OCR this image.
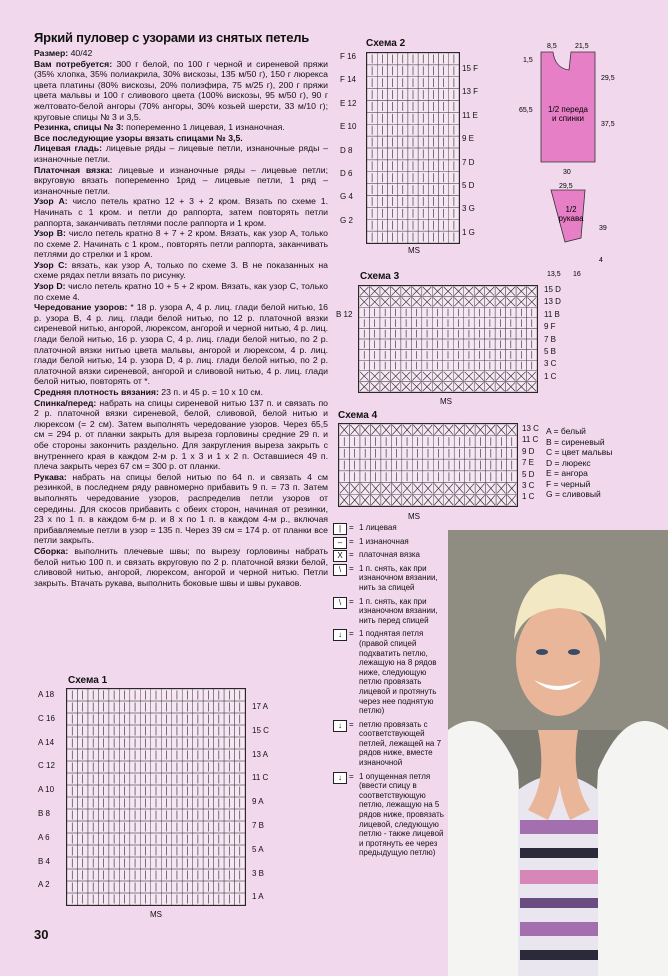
Яркий пуловер с узорами из снятых петель

Размер: 40/42

Вам потребуется: 300 г белой, по 100 г черной и сиреневой пряжи (35% хлопка, 35% полиакрила, 30% вискозы, 135 м/50 г), 150 г люрекса цвета платины (80% вискозы, 20% полиэфира, 75 м/25 г), 200 г пряжи цвета мальвы и 100 г сливового цвета (100% вискозы, 95 м/50 г), 90 г желтовато-белой ангоры (70% ангоры, 30% козьей шерсти, 33 м/10 г); круговые спицы № 3 и 3,5.

Резинка, спицы № 3: попеременно 1 лицевая, 1 изнаночная.

Все последующие узоры вязать спицами № 3,5.

Лицевая гладь: лицевые ряды – лицевые петли, изнаночные ряды – изнаночные петли.

Платочная вязка: лицевые и изнаночные ряды – лицевые петли; вкруговую вязать попеременно 1ряд – лицевые петли, 1 ряд – изнаночные петли.

Узор А: число петель кратно 12 + 3 + 2 кром. Вязать по схеме 1. Начинать с 1 кром. и петли до раппорта, затем повторять петли раппорта, заканчивать петлями после раппорта и 1 кром.

Узор В: число петель кратно 8 + 7 + 2 кром. Вязать, как узор А, только по схеме 2. Начинать с 1 кром., повторять петли раппорта, заканчивать петлями до стрелки и 1 кром.

Узор С: вязать, как узор А, только по схеме 3. В не показанных на схеме рядах петли вязать по рисунку.

Узор D: число петель кратно 10 + 5 + 2 кром. Вязать, как узор С, только по схеме 4.

Чередование узоров: * 18 р. узора А, 4 р. лиц. глади белой нитью, 16 р. узора В, 4 р. лиц. глади белой нитью, по 12 р. платочной вязки сиреневой нитью, ангорой, люрексом, ангорой и черной нитью, 4 р. лиц. глади белой нитью, 16 р. узора С, 4 р. лиц. глади белой нитью, по 2 р. платочной вязки нитью цвета мальвы, ангорой и люрексом, 4 р. лиц. глади белой нитью, 14 р. узора D, 4 р. лиц. глади белой нитью, по 2 р. платочной вязки сиреневой, ангорой и сливовой нитью, 4 р. лиц. глади белой нитью, повторять от *.

Средняя плотность вязания: 23 п. и 45 р. = 10 х 10 см.

Спинка/перед: набрать на спицы сиреневой нитью 137 п. и связать по 2 р. платочной вязки сиреневой, белой, сливовой, белой нитью и люрексом (= 2 см). Затем выполнять чередование узоров. Через 65,5 см = 294 р. от планки закрыть для выреза горловины средние 29 п. и обе стороны закончить раздельно. Для закругления выреза закрыть с внутреннего края в каждом 2-м р. 1 х 3 и 1 х 2 п. Оставшиеся 49 п. плеча закрыть через 67 см = 300 р. от планки.

Рукава: набрать на спицы белой нитью по 64 п. и связать 4 см резинкой, в последнем ряду равномерно прибавить 9 п. = 73 п. Затем выполнять чередование узоров, распределив петли узоров от середины. Для скосов прибавить с обеих сторон, начиная от резинки, 23 х по 1 п. в каждом 6-м р. и 8 х по 1 п. в каждом 4-м р., включая прибавляемые петли в узор = 135 п. Через 39 см = 174 р. от планки все петли закрыть.

Сборка: выполнить плечевые швы; по вырезу горловины набрать белой нитью 100 п. и связать вкруговую по 2 р. платочной вязки белой, сливовой нитью, ангорой, люрексом, ангорой и черной нитью. Петли закрыть. Втачать рукава, выполнить боковые швы и швы рукавов.

Схема 2
F 16
F 14
E 12
E 10
D 8
D 6
G 4
G 2
15 F
13 F
11 E
9 E
7 D
5 D
3 G
1 G
MS
Схема 3
B 12
15 D
13 D
11 B
9 F
7 B
5 B
3 C
1 C
MS
Схема 4
13 C
11 C
9 D
7 E
5 D
3 C
1 C
MS
A = белый
B = сиреневый
C = цвет мальвы
D = люрекс
E = ангора
F = черный
G = сливовый
| = 1 лицевая
– = 1 изнаночная
X = платочная вязка
\ = 1 п. снять, как при изнаночном вязании, нить за спицей
\ = 1 п. снять, как при изнаночном вязании, нить перед спицей
↓ = 1 поднятая петля (правой спицей подхватить петлю, лежащую на 8 рядов ниже, следующую петлю провязать лицевой и протянуть через нее поднятую петлю)
↓ = петлю провязать с соответствующей петлей, лежащей на 7 рядов ниже, вместе изнаночной
↓ = 1 опущенная петля (ввести спицу в соответствующую петлю, лежащую на 5 рядов ниже, провязать лицевой, следующую петлю - также лицевой и протянуть ее через предыдущую петлю)
Схема 1
A 18
C 16
A 14
C 12
A 10
B 8
A 6
B 4
A 2
17 A
15 C
13 A
11 C
9 A
7 B
5 A
3 B
1 A
MS
1/2 переда и спинки
1/2 рукава
8,5	21,5
1,5
29,5
65,5
37,5
30
29,5
39
4
13,5 16
30
